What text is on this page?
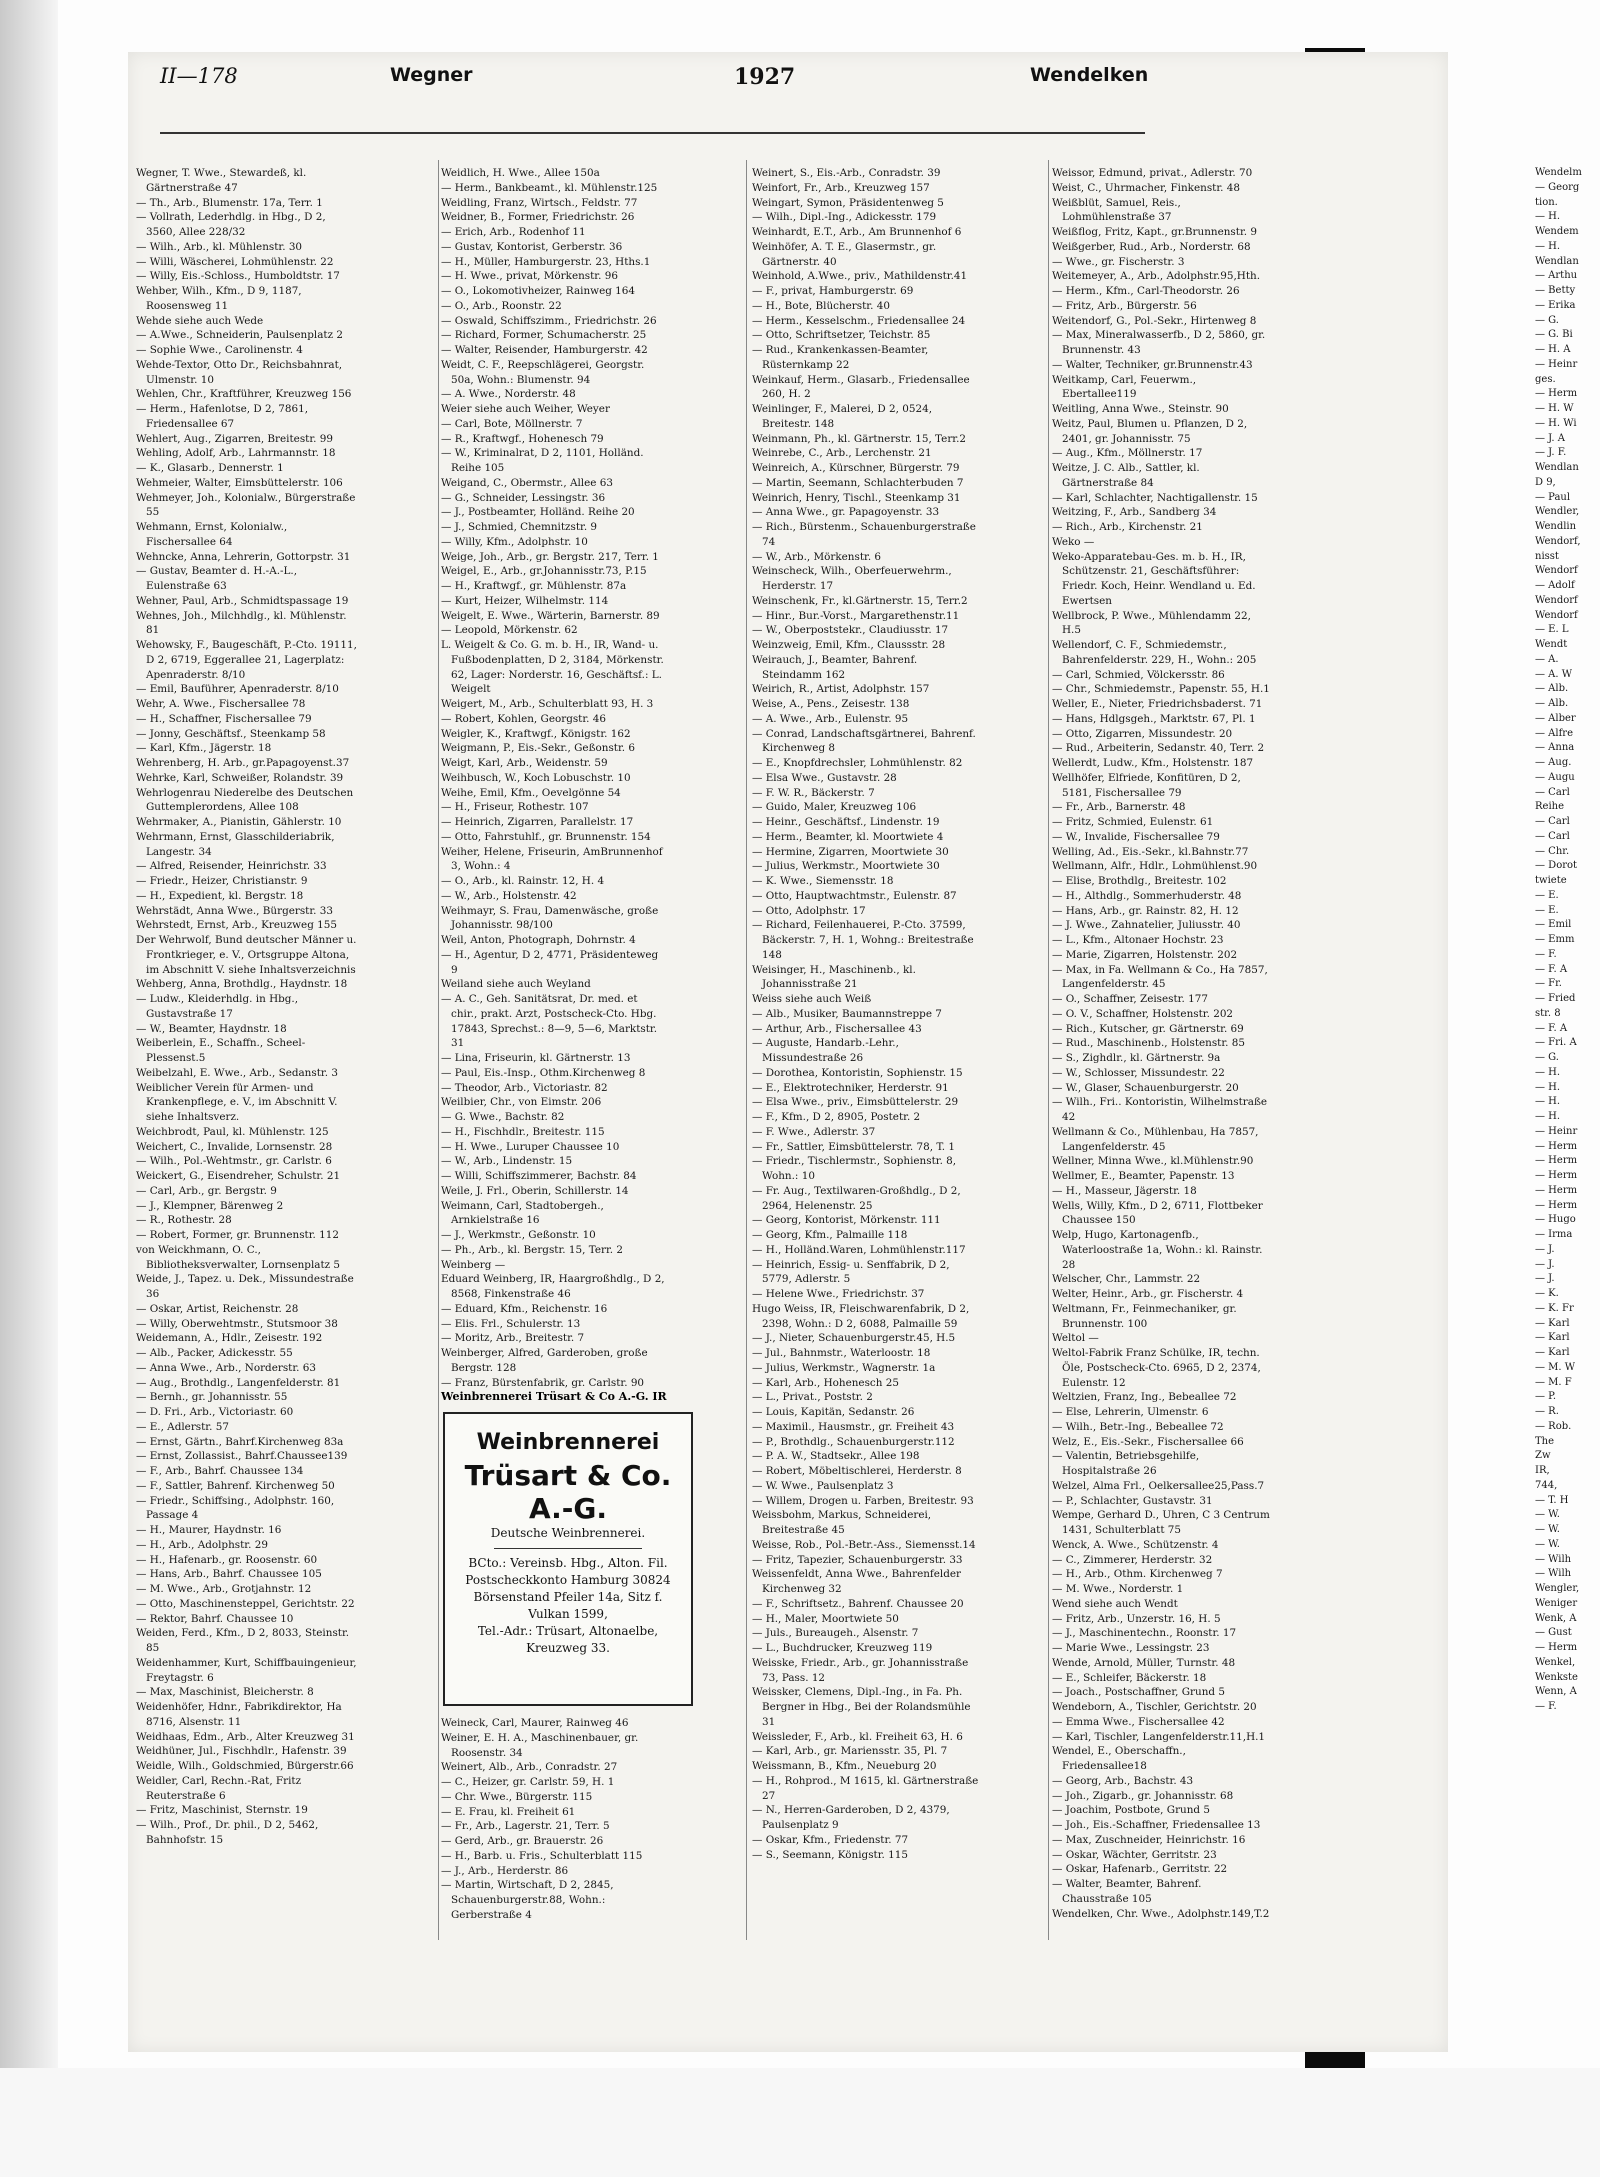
II—178	Wegner	1927	Wendelken

Wegner, T. Wwe., Stewardeß, kl. Gärtnerstraße 47

— Th., Arb., Blumenstr. 17a, Terr. 1

— Vollrath, Lederhdlg. in Hbg., D 2, 3560, Allee 228/32

— Wilh., Arb., kl. Mühlenstr. 30

— Willi, Wäscherei, Lohmühlenstr. 22

— Willy, Eis.-Schloss., Humboldtstr. 17

Wehber, Wilh., Kfm., D 9, 1187, Roosensweg 11

Wehde siehe auch Wede

— A.Wwe., Schneiderin, Paulsenplatz 2

— Sophie Wwe., Carolinenstr. 4

Wehde-Textor, Otto Dr., Reichsbahnrat, Ulmenstr. 10

Wehlen, Chr., Kraftführer, Kreuzweg 156

— Herm., Hafenlotse, D 2, 7861, Friedensallee 67

Wehlert, Aug., Zigarren, Breitestr. 99

Wehling, Adolf, Arb., Lahrmannstr. 18

— K., Glasarb., Dennerstr. 1

Wehmeier, Walter, Eimsbüttelerstr. 106

Wehmeyer, Joh., Kolonialw., Bürgerstraße 55

Wehmann, Ernst, Kolonialw., Fischersallee 64

Wehncke, Anna, Lehrerin, Gottorpstr. 31

— Gustav, Beamter d. H.-A.-L., Eulenstraße 63

Wehner, Paul, Arb., Schmidtspassage 19

Wehnes, Joh., Milchhdlg., kl. Mühlenstr. 81

Wehowsky, F., Baugeschäft, P.-Cto. 19111, D 2, 6719, Eggerallee 21, Lagerplatz: Apenraderstr. 8/10

— Emil, Bauführer, Apenraderstr. 8/10

Wehr, A. Wwe., Fischersallee 78

— H., Schaffner, Fischersallee 79

— Jonny, Geschäftsf., Steenkamp 58

— Karl, Kfm., Jägerstr. 18

Wehrenberg, H. Arb., gr.Papagoyenst.37

Wehrke, Karl, Schweißer, Rolandstr. 39

Wehrlogenrau Niederelbe des Deutschen Guttemplerordens, Allee 108

Wehrmaker, A., Pianistin, Gählerstr. 10

Wehrmann, Ernst, Glasschilderiabrik, Langestr. 34

— Alfred, Reisender, Heinrichstr. 33

— Friedr., Heizer, Christianstr. 9

— H., Expedient, kl. Bergstr. 18

Wehrstädt, Anna Wwe., Bürgerstr. 33

Wehrstedt, Ernst, Arb., Kreuzweg 155

Der Wehrwolf, Bund deutscher Männer u. Frontkrieger, e. V., Ortsgruppe Altona, im Abschnitt V. siehe Inhaltsverzeichnis

Wehberg, Anna, Brothdlg., Haydnstr. 18

— Ludw., Kleiderhdlg. in Hbg., Gustavstraße 17

— W., Beamter, Haydnstr. 18

Weiberlein, E., Schaffn., Scheel-Plessenst.5

Weibelzahl, E. Wwe., Arb., Sedanstr. 3

Weiblicher Verein für Armen- und Krankenpflege, e. V., im Abschnitt V. siehe Inhaltsverz.

Weichbrodt, Paul, kl. Mühlenstr. 125

Weichert, C., Invalide, Lornsenstr. 28

— Wilh., Pol.-Wehtmstr., gr. Carlstr. 6

Weickert, G., Eisendreher, Schulstr. 21

— Carl, Arb., gr. Bergstr. 9

— J., Klempner, Bärenweg 2

— R., Rothestr. 28

— Robert, Former, gr. Brunnenstr. 112

von Weickhmann, O. C., Bibliotheksverwalter, Lornsenplatz 5

Weide, J., Tapez. u. Dek., Missundestraße 36

— Oskar, Artist, Reichenstr. 28

— Willy, Oberwehtmstr., Stutsmoor 38

Weidemann, A., Hdlr., Zeisestr. 192

— Alb., Packer, Adickesstr. 55

— Anna Wwe., Arb., Norderstr. 63

— Aug., Brothdlg., Langenfelderstr. 81

— Bernh., gr. Johannisstr. 55

— D. Fri., Arb., Victoriastr. 60

— E., Adlerstr. 57

— Ernst, Gärtn., Bahrf.Kirchenweg 83a

— Ernst, Zollassist., Bahrf.Chaussee139

— F., Arb., Bahrf. Chaussee 134

— F., Sattler, Bahrenf. Kirchenweg 50

— Friedr., Schiffsing., Adolphstr. 160, Passage 4

— H., Maurer, Haydnstr. 16

— H., Arb., Adolphstr. 29

— H., Hafenarb., gr. Roosenstr. 60

— Hans, Arb., Bahrf. Chaussee 105

— M. Wwe., Arb., Grotjahnstr. 12

— Otto, Maschinensteppel, Gerichtstr. 22

— Rektor, Bahrf. Chaussee 10

Weiden, Ferd., Kfm., D 2, 8033, Steinstr. 85

Weidenhammer, Kurt, Schiffbauingenieur, Freytagstr. 6

— Max, Maschinist, Bleicherstr. 8

Weidenhöfer, Hdnr., Fabrikdirektor, Ha 8716, Alsenstr. 11

Weidhaas, Edm., Arb., Alter Kreuzweg 31

Weidhüner, Jul., Fischhdlr., Hafenstr. 39

Weidle, Wilh., Goldschmied, Bürgerstr.66

Weidler, Carl, Rechn.-Rat, Fritz Reuterstraße 6

— Fritz, Maschinist, Sternstr. 19

— Wilh., Prof., Dr. phil., D 2, 5462, Bahnhofstr. 15

Weidlich, H. Wwe., Allee 150a

— Herm., Bankbeamt., kl. Mühlenstr.125

Weidling, Franz, Wirtsch., Feldstr. 77

Weidner, B., Former, Friedrichstr. 26

— Erich, Arb., Rodenhof 11

— Gustav, Kontorist, Gerberstr. 36

— H., Müller, Hamburgerstr. 23, Hths.1

— H. Wwe., privat, Mörkenstr. 96

— O., Lokomotivheizer, Rainweg 164

— O., Arb., Roonstr. 22

— Oswald, Schiffszimm., Friedrichstr. 26

— Richard, Former, Schumacherstr. 25

— Walter, Reisender, Hamburgerstr. 42

Weidt, C. F., Reepschlägerei, Georgstr. 50a, Wohn.: Blumenstr. 94

— A. Wwe., Norderstr. 48

Weier siehe auch Weiher, Weyer

— Carl, Bote, Möllnerstr. 7

— R., Kraftwgf., Hohenesch 79

— W., Kriminalrat, D 2, 1101, Holländ. Reihe 105

Weigand, C., Obermstr., Allee 63

— G., Schneider, Lessingstr. 36

— J., Postbeamter, Holländ. Reihe 20

— J., Schmied, Chemnitzstr. 9

— Willy, Kfm., Adolphstr. 10

Weige, Joh., Arb., gr. Bergstr. 217, Terr. 1

Weigel, E., Arb., gr.Johannisstr.73, P.15

— H., Kraftwgf., gr. Mühlenstr. 87a

— Kurt, Heizer, Wilhelmstr. 114

Weigelt, E. Wwe., Wärterin, Barnerstr. 89

— Leopold, Mörkenstr. 62

L. Weigelt & Co. G. m. b. H., IR, Wand- u. Fußbodenplatten, D 2, 3184, Mörkenstr. 62, Lager: Norderstr. 16, Geschäftsf.: L. Weigelt

Weigert, M., Arb., Schulterblatt 93, H. 3

— Robert, Kohlen, Georgstr. 46

Weigler, K., Kraftwgf., Königstr. 162

Weigmann, P., Eis.-Sekr., Geßonstr. 6

Weigt, Karl, Arb., Weidenstr. 59

Weihbusch, W., Koch Lobuschstr. 10

Weihe, Emil, Kfm., Oevelgönne 54

— H., Friseur, Rothestr. 107

— Heinrich, Zigarren, Parallelstr. 17

— Otto, Fahrstuhlf., gr. Brunnenstr. 154

Weiher, Helene, Friseurin, AmBrunnenhof 3, Wohn.: 4

— O., Arb., kl. Rainstr. 12, H. 4

— W., Arb., Holstenstr. 42

Weihmayr, S. Frau, Damenwäsche, große Johannisstr. 98/100

Weil, Anton, Photograph, Dohrnstr. 4

— H., Agentur, D 2, 4771, Präsidenteweg 9

Weiland siehe auch Weyland

— A. C., Geh. Sanitätsrat, Dr. med. et chir., prakt. Arzt, Postscheck-Cto. Hbg. 17843, Sprechst.: 8—9, 5—6, Marktstr. 31

— Lina, Friseurin, kl. Gärtnerstr. 13

— Paul, Eis.-Insp., Othm.Kirchenweg 8

— Theodor, Arb., Victoriastr. 82

Weilbier, Chr., von Eimstr. 206

— G. Wwe., Bachstr. 82

— H., Fischhdlr., Breitestr. 115

— H. Wwe., Luruper Chaussee 10

— W., Arb., Lindenstr. 15

— Willi, Schiffszimmerer, Bachstr. 84

Weile, J. Frl., Oberin, Schillerstr. 14

Weimann, Carl, Stadtobergeh., Arnkielstraße 16

— J., Werkmstr., Geßonstr. 10

— Ph., Arb., kl. Bergstr. 15, Terr. 2

Weinberg —

Eduard Weinberg, IR, Haargroßhdlg., D 2, 8568, Finkenstraße 46

— Eduard, Kfm., Reichenstr. 16

— Elis. Frl., Schulerstr. 13

— Moritz, Arb., Breitestr. 7

Weinberger, Alfred, Garderoben, große Bergstr. 128

— Franz, Bürstenfabrik, gr. Carlstr. 90

Weinert, S., Eis.-Arb., Conradstr. 39

Weinfort, Fr., Arb., Kreuzweg 157

Weingart, Symon, Präsidentenweg 5

— Wilh., Dipl.-Ing., Adickesstr. 179

Weinhardt, E.T., Arb., Am Brunnenhof 6

Weinhöfer, A. T. E., Glasermstr., gr. Gärtnerstr. 40

Weinhold, A.Wwe., priv., Mathildenstr.41

— F., privat, Hamburgerstr. 69

— H., Bote, Blücherstr. 40

— Herm., Kesselschm., Friedensallee 24

— Otto, Schriftsetzer, Teichstr. 85

— Rud., Krankenkassen-Beamter, Rüsternkamp 22

Weinkauf, Herm., Glasarb., Friedensallee 260, H. 2

Weinlinger, F., Malerei, D 2, 0524, Breitestr. 148

Weinmann, Ph., kl. Gärtnerstr. 15, Terr.2

Weinrebe, C., Arb., Lerchenstr. 21

Weinreich, A., Kürschner, Bürgerstr. 79

— Martin, Seemann, Schlachterbuden 7

Weinrich, Henry, Tischl., Steenkamp 31

— Anna Wwe., gr. Papagoyenstr. 33

— Rich., Bürstenm., Schauenburgerstraße 74

— W., Arb., Mörkenstr. 6

Weinscheck, Wilh., Oberfeuerwehrm., Herderstr. 17

Weinschenk, Fr., kl.Gärtnerstr. 15, Terr.2

— Hinr., Bur.-Vorst., Margarethenstr.11

— W., Oberpoststekr., Claudiusstr. 17

Weinzweig, Emil, Kfm., Claussstr. 28

Weirauch, J., Beamter, Bahrenf. Steindamm 162

Weirich, R., Artist, Adolphstr. 157

Weise, A., Pens., Zeisestr. 138

— A. Wwe., Arb., Eulenstr. 95

— Conrad, Landschaftsgärtnerei, Bahrenf. Kirchenweg 8

— E., Knopfdrechsler, Lohmühlenstr. 82

— Elsa Wwe., Gustavstr. 28

— F. W. R., Bäckerstr. 7

— Guido, Maler, Kreuzweg 106

— Heinr., Geschäftsf., Lindenstr. 19

— Herm., Beamter, kl. Moortwiete 4

— Hermine, Zigarren, Moortwiete 30

— Julius, Werkmstr., Moortwiete 30

— K. Wwe., Siemensstr. 18

— Otto, Hauptwachtmstr., Eulenstr. 87

— Otto, Adolphstr. 17

— Richard, Feilenhauerei, P.-Cto. 37599, Bäckerstr. 7, H. 1, Wohng.: Breitestraße 148

Weisinger, H., Maschinenb., kl. Johannisstraße 21

Weiss siehe auch Weiß

— Alb., Musiker, Baumannstreppe 7

— Arthur, Arb., Fischersallee 43

— Auguste, Handarb.-Lehr., Missundestraße 26

— Dorothea, Kontoristin, Sophienstr. 15

— E., Elektrotechniker, Herderstr. 91

— Elsa Wwe., priv., Eimsbüttelerstr. 29

— F., Kfm., D 2, 8905, Postetr. 2

— F. Wwe., Adlerstr. 37

— Fr., Sattler, Eimsbüttelerstr. 78, T. 1

— Friedr., Tischlermstr., Sophienstr. 8, Wohn.: 10

— Fr. Aug., Textilwaren-Großhdlg., D 2, 2964, Helenenstr. 25

— Georg, Kontorist, Mörkenstr. 111

— Georg, Kfm., Palmaille 118

— H., Holländ.Waren, Lohmühlenstr.117

— Heinrich, Essig- u. Senffabrik, D 2, 5779, Adlerstr. 5

— Helene Wwe., Friedrichstr. 37

Hugo Weiss, IR, Fleischwarenfabrik, D 2, 2398, Wohn.: D 2, 6088, Palmaille 59

— J., Nieter, Schauenburgerstr.45, H.5

— Jul., Bahnmstr., Waterloostr. 18

— Julius, Werkmstr., Wagnerstr. 1a

— Karl, Arb., Hohenesch 25

— L., Privat., Poststr. 2

— Louis, Kapitän, Sedanstr. 26

— Maximil., Hausmstr., gr. Freiheit 43

— P., Brothdlg., Schauenburgerstr.112

— P. A. W., Stadtsekr., Allee 198

— Robert, Möbeltischlerei, Herderstr. 8

— W. Wwe., Paulsenplatz 3

— Willem, Drogen u. Farben, Breitestr. 93

Weissbohm, Markus, Schneiderei, Breitestraße 45

Weisse, Rob., Pol.-Betr.-Ass., Siemensst.14

— Fritz, Tapezier, Schauenburgerstr. 33

Weissenfeldt, Anna Wwe., Bahrenfelder Kirchenweg 32

— F., Schriftsetz., Bahrenf. Chaussee 20

— H., Maler, Moortwiete 50

— Juls., Bureaugeh., Alsenstr. 7

— L., Buchdrucker, Kreuzweg 119

Weisske, Friedr., Arb., gr. Johannisstraße 73, Pass. 12

Weissker, Clemens, Dipl.-Ing., in Fa. Ph. Bergner in Hbg., Bei der Rolandsmühle 31

Weissleder, F., Arb., kl. Freiheit 63, H. 6

— Karl, Arb., gr. Mariensstr. 35, Pl. 7

Weissmann, B., Kfm., Neueburg 20

— H., Rohprod., M 1615, kl. Gärtnerstraße 27

— N., Herren-Garderoben, D 2, 4379, Paulsenplatz 9

— Oskar, Kfm., Friedenstr. 77

— S., Seemann, Königstr. 115

Weissor, Edmund, privat., Adlerstr. 70

Weist, C., Uhrmacher, Finkenstr. 48

Weißblüt, Samuel, Reis., Lohmühlenstraße 37

Weißflog, Fritz, Kapt., gr.Brunnenstr. 9

Weißgerber, Rud., Arb., Norderstr. 68

— Wwe., gr. Fischerstr. 3

Weitemeyer, A., Arb., Adolphstr.95,Hth.

— Herm., Kfm., Carl-Theodorstr. 26

— Fritz, Arb., Bürgerstr. 56

Weitendorf, G., Pol.-Sekr., Hirtenweg 8

— Max, Mineralwasserfb., D 2, 5860, gr. Brunnenstr. 43

— Walter, Techniker, gr.Brunnenstr.43

Weitkamp, Carl, Feuerwm., Ebertallee119

Weitling, Anna Wwe., Steinstr. 90

Weitz, Paul, Blumen u. Pflanzen, D 2, 2401, gr. Johannisstr. 75

— Aug., Kfm., Möllnerstr. 17

Weitze, J. C. Alb., Sattler, kl. Gärtnerstraße 84

— Karl, Schlachter, Nachtigallenstr. 15

Weitzing, F., Arb., Sandberg 34

— Rich., Arb., Kirchenstr. 21

Weko —

Weko-Apparatebau-Ges. m. b. H., IR, Schützenstr. 21, Geschäftsführer: Friedr. Koch, Heinr. Wendland u. Ed. Ewertsen

Wellbrock, P. Wwe., Mühlendamm 22, H.5

Wellendorf, C. F., Schmiedemstr., Bahrenfelderstr. 229, H., Wohn.: 205

— Carl, Schmied, Völckersstr. 86

— Chr., Schmiedemstr., Papenstr. 55, H.1

Weller, E., Nieter, Friedrichsbaderst. 71

— Hans, Hdlgsgeh., Marktstr. 67, Pl. 1

— Otto, Zigarren, Missundestr. 20

— Rud., Arbeiterin, Sedanstr. 40, Terr. 2

Wellerdt, Ludw., Kfm., Holstenstr. 187

Wellhöfer, Elfriede, Konfitüren, D 2, 5181, Fischersallee 79

— Fr., Arb., Barnerstr. 48

— Fritz, Schmied, Eulenstr. 61

— W., Invalide, Fischersallee 79

Welling, Ad., Eis.-Sekr., kl.Bahnstr.77

Wellmann, Alfr., Hdlr., Lohmühlenst.90

— Elise, Brothdlg., Breitestr. 102

— H., Althdlg., Sommerhuderstr. 48

— Hans, Arb., gr. Rainstr. 82, H. 12

— J. Wwe., Zahnatelier, Juliusstr. 40

— L., Kfm., Altonaer Hochstr. 23

— Marie, Zigarren, Holstenstr. 202

— Max, in Fa. Wellmann & Co., Ha 7857, Langenfelderstr. 45

— O., Schaffner, Zeisestr. 177

— O. V., Schaffner, Holstenstr. 202

— Rich., Kutscher, gr. Gärtnerstr. 69

— Rud., Maschinenb., Holstenstr. 85

— S., Zighdlr., kl. Gärtnerstr. 9a

— W., Schlosser, Missundestr. 22

— W., Glaser, Schauenburgerstr. 20

— Wilh., Fri.. Kontoristin, Wilhelmstraße 42

Wellmann & Co., Mühlenbau, Ha 7857, Langenfelderstr. 45

Wellner, Minna Wwe., kl.Mühlenstr.90

Wellmer, E., Beamter, Papenstr. 13

— H., Masseur, Jägerstr. 18

Wells, Willy, Kfm., D 2, 6711, Flottbeker Chaussee 150

Welp, Hugo, Kartonagenfb., Waterloostraße 1a, Wohn.: kl. Rainstr. 28

Welscher, Chr., Lammstr. 22

Welter, Heinr., Arb., gr. Fischerstr. 4

Weltmann, Fr., Feinmechaniker, gr. Brunnenstr. 100

Weltol —

Weltol-Fabrik Franz Schülke, IR, techn. Öle, Postscheck-Cto. 6965, D 2, 2374, Eulenstr. 12

Weltzien, Franz, Ing., Bebeallee 72

— Else, Lehrerin, Ulmenstr. 6

— Wilh., Betr.-Ing., Bebeallee 72

Welz, E., Eis.-Sekr., Fischersallee 66

— Valentin, Betriebsgehilfe, Hospitalstraße 26

Welzel, Alma Frl., Oelkersallee25,Pass.7

— P., Schlachter, Gustavstr. 31

Wempe, Gerhard D., Uhren, C 3 Centrum 1431, Schulterblatt 75

Wenck, A. Wwe., Schützenstr. 4

— C., Zimmerer, Herderstr. 32

— H., Arb., Othm. Kirchenweg 7

— M. Wwe., Norderstr. 1

Wend siehe auch Wendt

— Fritz, Arb., Unzerstr. 16, H. 5

— J., Maschinentechn., Roonstr. 17

— Marie Wwe., Lessingstr. 23

Wende, Arnold, Müller, Turnstr. 48

— E., Schleifer, Bäckerstr. 18

— Joach., Postschaffner, Grund 5

Wendeborn, A., Tischler, Gerichtstr. 20

— Emma Wwe., Fischersallee 42

— Karl, Tischler, Langenfelderstr.11,H.1

Wendel, E., Oberschaffn., Friedensallee18

— Georg, Arb., Bachstr. 43

— Joh., Zigarb., gr. Johannisstr. 68

— Joachim, Postbote, Grund 5

— Joh., Eis.-Schaffner, Friedensallee 13

— Max, Zuschneider, Heinrichstr. 16

— Oskar, Wächter, Gerritstr. 23

— Oskar, Hafenarb., Gerritstr. 22

— Walter, Beamter, Bahrenf. Chausstraße 105

Wendelken, Chr. Wwe., Adolphstr.149,T.2

Wendelm

— Georg

tion.

— H.

Wendem

— H.

Wendlan

— Arthu

— Betty

— Erika

— G.

— G. Bi

— H. A

— Heinr

ges.

— Herm

— H. W

— H. Wi

— J. A

— J. F.

Wendlan

D 9,

— Paul

Wendler,

Wendlin

Wendorf,

nisst

Wendorf

— Adolf

Wendorf

Wendorf

— E. L

Wendt

— A.

— A. W

— Alb.

— Alb.

— Alber

— Alfre

— Anna

— Aug.

— Augu

— Carl

Reihe

— Carl

— Carl

— Chr.

— Dorot

twiete

— E.

— E.

— Emil

— Emm

— F.

— F. A

— Fr.

— Fried

str. 8

— F. A

— Fri. A

— G.

— H.

— H.

— H.

— H.

— Heinr

— Herm

— Herm

— Herm

— Herm

— Herm

— Hugo

— Irma

— J.

— J.

— J.

— K.

— K. Fr

— Karl

— Karl

— Karl

— M. W

— M. F

— P.

— R.

— Rob.

The

Zw

IR,

744,

— T. H

— W.

— W.

— W.

— Wilh

— Wilh

Wengler,

Weniger

Wenk, A

— Gust

— Herm

Wenkel,

Wenkste

Wenn, A

— F.

Weinbrennerei Trüsart & Co A.-G. IR
Weinbrennerei
Trüsart & Co. A.-G.
Deutsche Weinbrennerei.
BCto.: Vereinsb. Hbg., Alton. Fil.
Postscheckkonto Hamburg 30824
Börsenstand Pfeiler 14a, Sitz f.
Vulkan 1599,
Tel.-Adr.: Trüsart, Altonaelbe,
Kreuzweg 33.

Weineck, Carl, Maurer, Rainweg 46

Weiner, E. H. A., Maschinenbauer, gr. Roosenstr. 34

Weinert, Alb., Arb., Conradstr. 27

— C., Heizer, gr. Carlstr. 59, H. 1

— Chr. Wwe., Bürgerstr. 115

— E. Frau, kl. Freiheit 61

— Fr., Arb., Lagerstr. 21, Terr. 5

— Gerd, Arb., gr. Brauerstr. 26

— H., Barb. u. Fris., Schulterblatt 115

— J., Arb., Herderstr. 86

— Martin, Wirtschaft, D 2, 2845, Schauenburgerstr.88, Wohn.: Gerberstraße 4
